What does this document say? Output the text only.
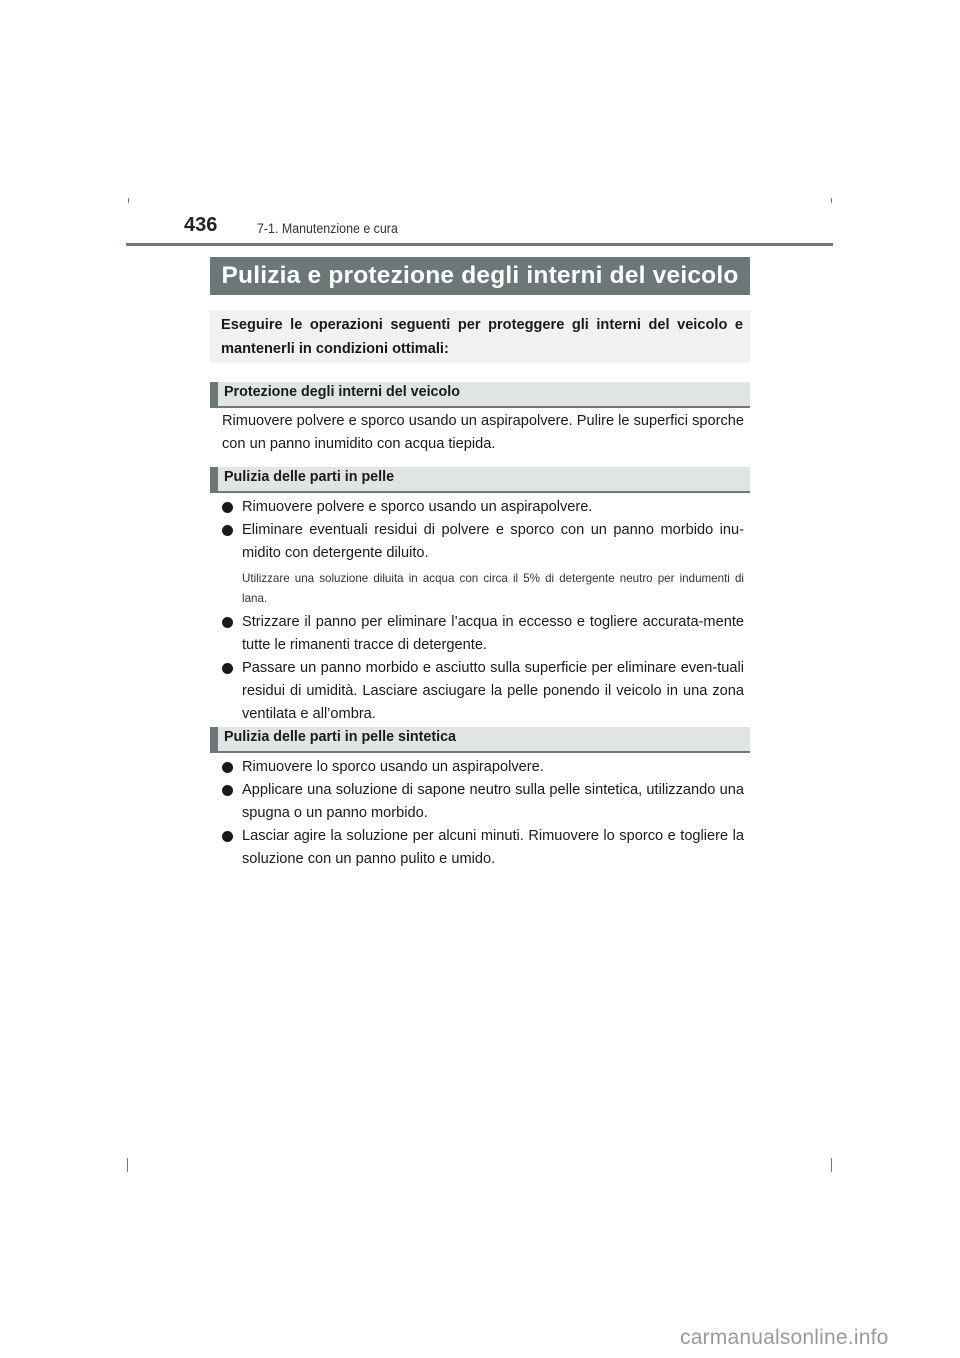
436	7-1. Manutenzione e cura
Pulizia e protezione degli interni del veicolo
Eseguire le operazioni seguenti per proteggere gli interni del veicolo e mantenerli in condizioni ottimali:
Protezione degli interni del veicolo
Rimuovere polvere e sporco usando un aspirapolvere. Pulire le superfici sporche con un panno inumidito con acqua tiepida.
Pulizia delle parti in pelle
Rimuovere polvere e sporco usando un aspirapolvere.
Eliminare eventuali residui di polvere e sporco con un panno morbido inu-midito con detergente diluito.
Utilizzare una soluzione diluita in acqua con circa il 5% di detergente neutro per indumenti di lana.
Strizzare il panno per eliminare l’acqua in eccesso e togliere accurata-mente tutte le rimanenti tracce di detergente.
Passare un panno morbido e asciutto sulla superficie per eliminare even-tuali residui di umidità. Lasciare asciugare la pelle ponendo il veicolo in una zona ventilata e all’ombra.
Pulizia delle parti in pelle sintetica
Rimuovere lo sporco usando un aspirapolvere.
Applicare una soluzione di sapone neutro sulla pelle sintetica, utilizzando una spugna o un panno morbido.
Lasciar agire la soluzione per alcuni minuti. Rimuovere lo sporco e togliere la soluzione con un panno pulito e umido.
carmanualsonline.info
